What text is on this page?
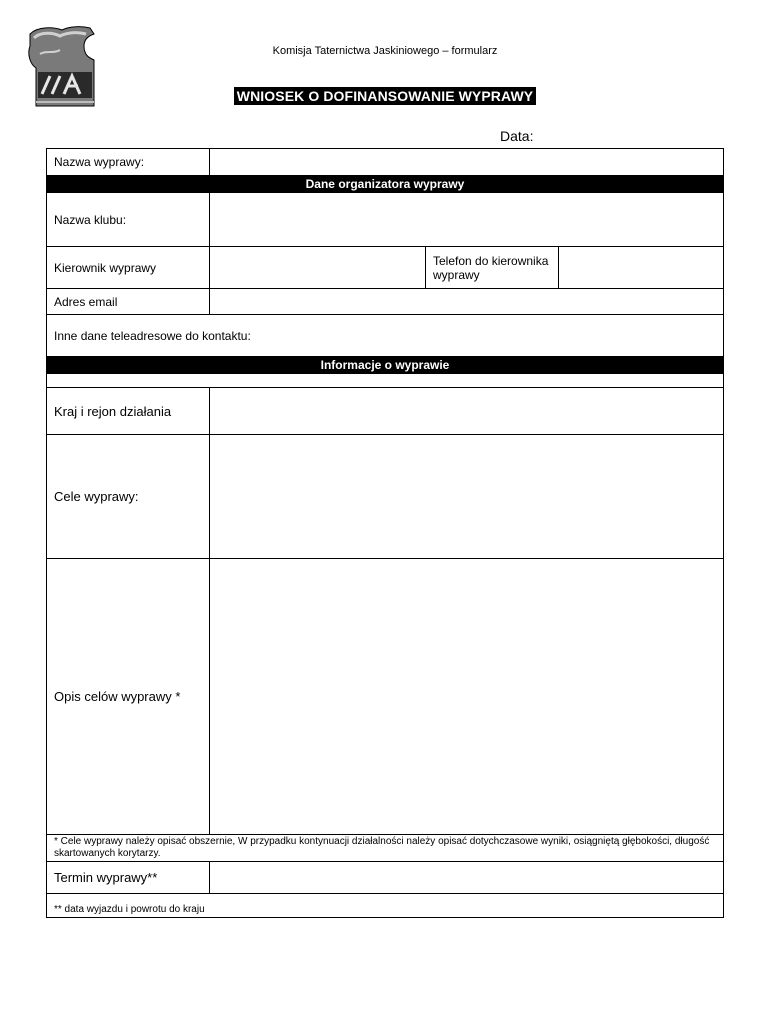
Komisja Taternictwa Jaskiniowego – formularz
WNIOSEK O DOFINANSOWANIE WYPRAWY
Data:
Nazwa wyprawy:			
Dane organizatora wyprawy			
Nazwa klubu:			
Kierownik wyprawy		Telefon do kierownika wyprawy	
Adres email			
Inne dane teleadresowe do kontaktu:			
Informacje o wyprawie			

Kraj i rejon działania			
Cele wyprawy:			
Opis celów wyprawy *			
* Cele wyprawy należy opisać obszernie, W przypadku kontynuacji działalności należy opisać dotychczasowe wyniki, osiągniętą głębokości, długość skartowanych korytarzy.			
Termin wyprawy**			
** data wyjazdu i powrotu do kraju			
